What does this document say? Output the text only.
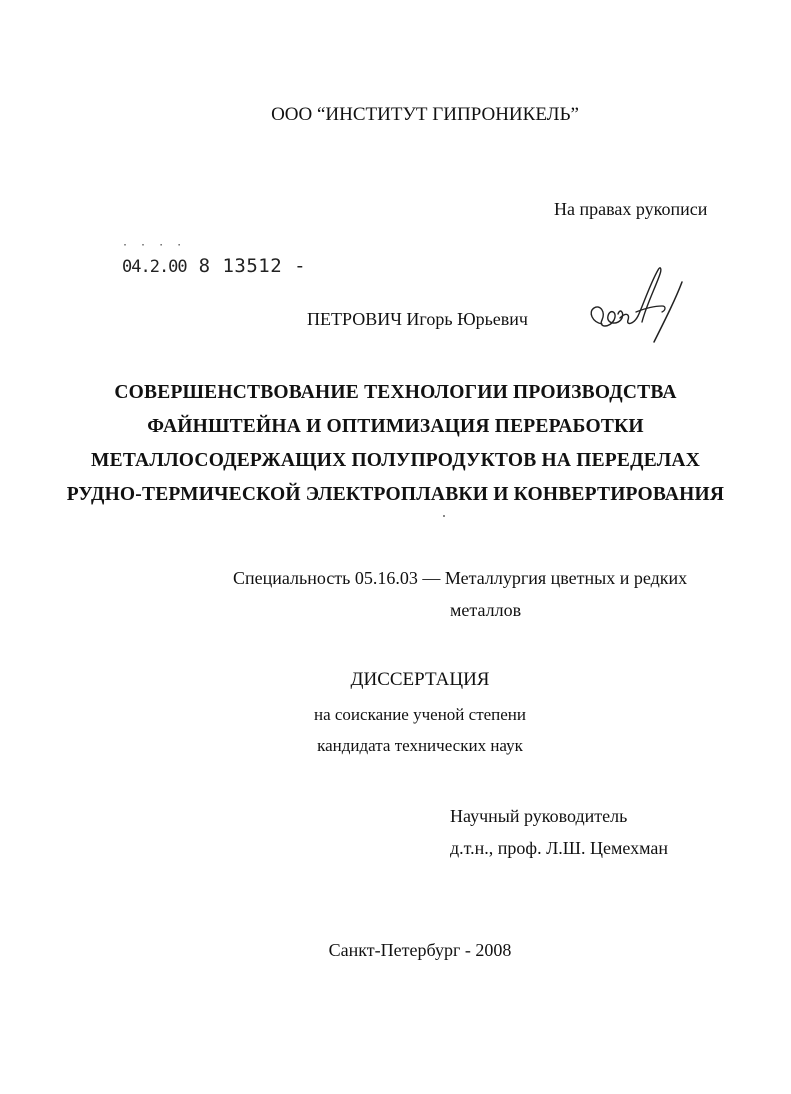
ООО “ИНСТИТУТ ГИПРОНИКЕЛЬ”
На правах рукописи
· · · ·
04.2.00 8 13512 -
ПЕТРОВИЧ Игорь Юрьевич
СОВЕРШЕНСТВОВАНИЕ ТЕХНОЛОГИИ ПРОИЗВОДСТВА
ФАЙНШТЕЙНА И ОПТИМИЗАЦИЯ ПЕРЕРАБОТКИ
МЕТАЛЛОСОДЕРЖАЩИХ ПОЛУПРОДУКТОВ НА ПЕРЕДЕЛАХ
РУДНО-ТЕРМИЧЕСКОЙ ЭЛЕКТРОПЛАВКИ И КОНВЕРТИРОВАНИЯ
Специальность 05.16.03 — Металлургия цветных и редких
металлов
ДИССЕРТАЦИЯ
на соискание ученой степени
кандидата технических наук
Научный руководитель
д.т.н., проф. Л.Ш. Цемехман
Санкт-Петербург - 2008
